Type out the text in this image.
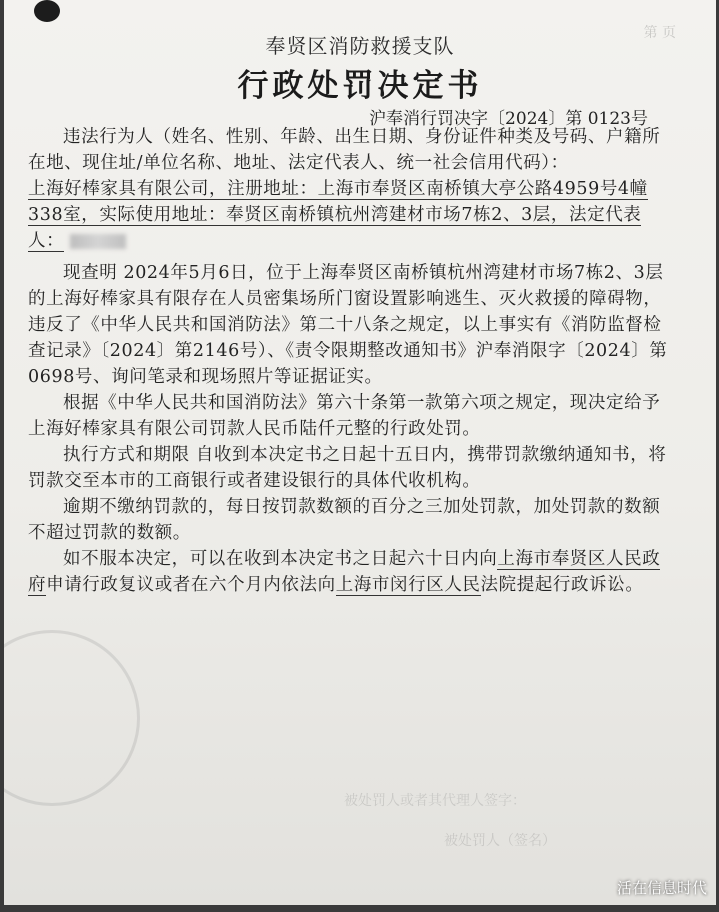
第 页
奉贤区消防救援支队
行政处罚决定书
沪奉消行罚决字〔2024〕第 0123号

违法行为人（姓名、性别、年龄、出生日期、身份证件种类及号码、户籍所在地、现住址/单位名称、地址、法定代表人、统一社会信用代码）：

上海好棒家具有限公司，注册地址：上海市奉贤区南桥镇大亭公路4959号4幢338室，实际使用地址：奉贤区南桥镇杭州湾建材市场7栋2、3层，法定代表人：

现查明 2024年5月6日，位于上海奉贤区南桥镇杭州湾建材市场7栋2、3层的上海好棒家具有限存在人员密集场所门窗设置影响逃生、灭火救援的障碍物，违反了《中华人民共和国消防法》第二十八条之规定，以上事实有《消防监督检查记录》〔2024〕第2146号）、《责令限期整改通知书》沪奉消限字〔2024〕第0698号、询问笔录和现场照片等证据证实。

根据《中华人民共和国消防法》第六十条第一款第六项之规定，现决定给予上海好棒家具有限公司罚款人民币陆仟元整的行政处罚。

执行方式和期限 自收到本决定书之日起十五日内，携带罚款缴纳通知书，将罚款交至本市的工商银行或者建设银行的具体代收机构。

逾期不缴纳罚款的，每日按罚款数额的百分之三加处罚款，加处罚款的数额不超过罚款的数额。

如不服本决定，可以在收到本决定书之日起六十日内向上海市奉贤区人民政府申请行政复议或者在六个月内依法向上海市闵行区人民法院提起行政诉讼。

被处罚人或者其代理人签字：
被处罚人（签名）
活在信息时代
